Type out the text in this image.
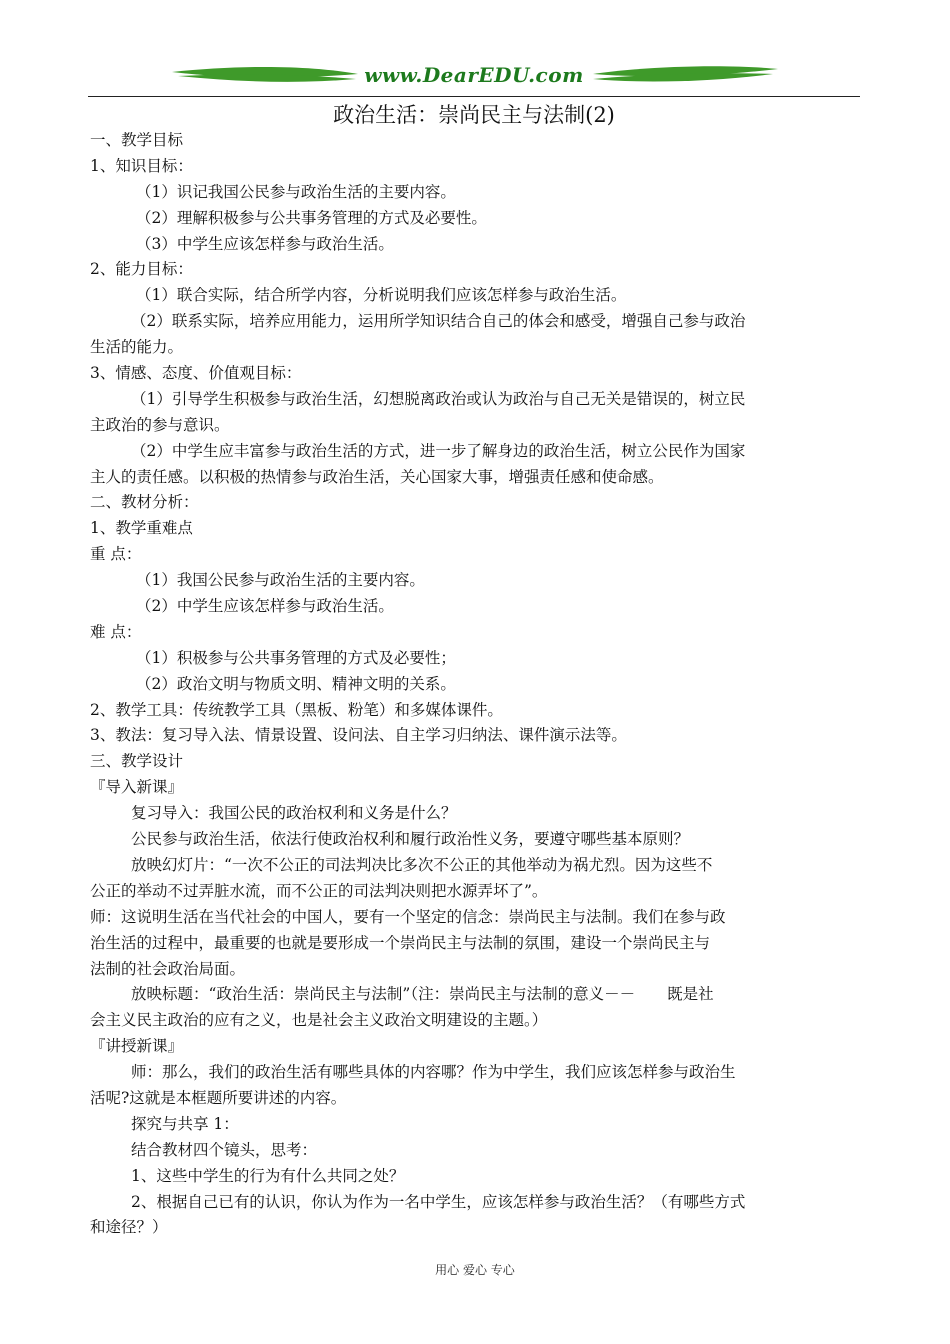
www.DearEDU.com
政治生活：崇尚民主与法制(2)
一、教学目标
1、知识目标：
（1）识记我国公民参与政治生活的主要内容。
（2）理解积极参与公共事务管理的方式及必要性。
（3）中学生应该怎样参与政治生活。
2、能力目标：
（1）联合实际，结合所学内容，分析说明我们应该怎样参与政治生活。
（2）联系实际，培养应用能力，运用所学知识结合自己的体会和感受，增强自己参与政治
生活的能力。
3、情感、态度、价值观目标：
（1）引导学生积极参与政治生活，幻想脱离政治或认为政治与自己无关是错误的，树立民
主政治的参与意识。
（2）中学生应丰富参与政治生活的方式，进一步了解身边的政治生活，树立公民作为国家
主人的责任感。以积极的热情参与政治生活，关心国家大事，增强责任感和使命感。
二、教材分析：
1、教学重难点
重 点：
（1）我国公民参与政治生活的主要内容。
（2）中学生应该怎样参与政治生活。
难 点：
（1）积极参与公共事务管理的方式及必要性；
（2）政治文明与物质文明、精神文明的关系。
2、教学工具：传统教学工具（黑板、粉笔）和多媒体课件。
3、教法：复习导入法、情景设置、设问法、自主学习归纳法、课件演示法等。
三、教学设计
『导入新课』
复习导入：我国公民的政治权利和义务是什么？
公民参与政治生活，依法行使政治权利和履行政治性义务，要遵守哪些基本原则？
放映幻灯片：“一次不公正的司法判决比多次不公正的其他举动为祸尤烈。因为这些不
公正的举动不过弄脏水流，而不公正的司法判决则把水源弄坏了”。
师：这说明生活在当代社会的中国人，要有一个坚定的信念：崇尚民主与法制。我们在参与政
治生活的过程中，最重要的也就是要形成一个崇尚民主与法制的氛围，建设一个崇尚民主与
法制的社会政治局面。
放映标题：“政治生活：崇尚民主与法制”（注：崇尚民主与法制的意义－－ 既是社
会主义民主政治的应有之义，也是社会主义政治文明建设的主题。）
『讲授新课』
师：那么，我们的政治生活有哪些具体的内容哪？作为中学生，我们应该怎样参与政治生
活呢?这就是本框题所要讲述的内容。
探究与共享 1：
结合教材四个镜头，思考：
1、这些中学生的行为有什么共同之处？
2、根据自己已有的认识，你认为作为一名中学生，应该怎样参与政治生活？（有哪些方式
和途径？）
用心 爱心 专心
